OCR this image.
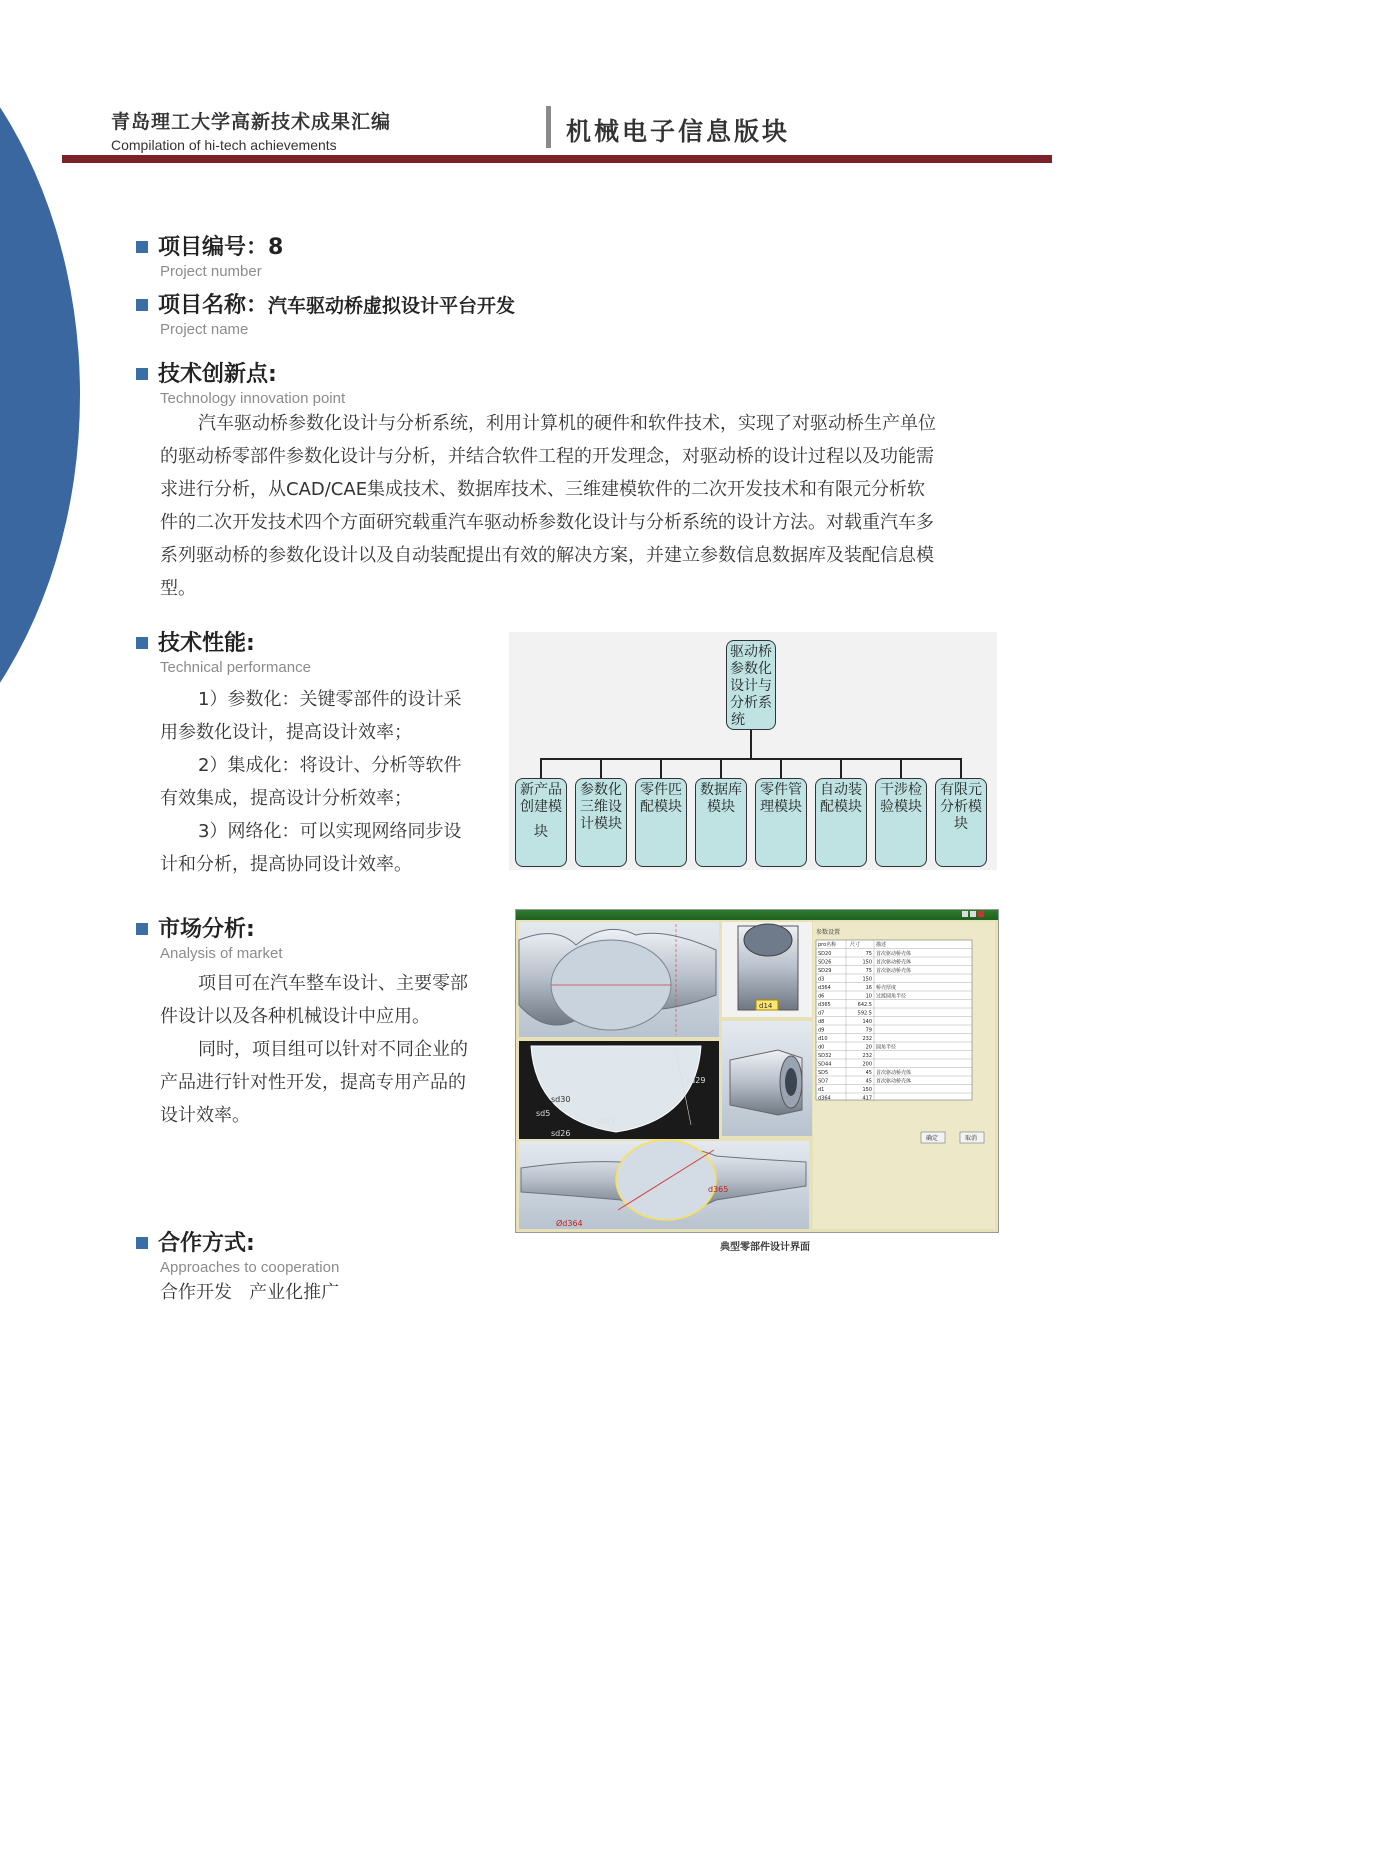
青岛理工大学高新技术成果汇编
Compilation of hi-tech achievements	机械电子信息版块
项目编号：8
Project number
项目名称：汽车驱动桥虚拟设计平台开发
Project name
技术创新点:
Technology innovation point
汽车驱动桥参数化设计与分析系统，利用计算机的硬件和软件技术，实现了对驱动桥生产单位
的驱动桥零部件参数化设计与分析，并结合软件工程的开发理念，对驱动桥的设计过程以及功能需
求进行分析，从CAD/CAE集成技术、数据库技术、三维建模软件的二次开发技术和有限元分析软
件的二次开发技术四个方面研究载重汽车驱动桥参数化设计与分析系统的设计方法。对载重汽车多
系列驱动桥的参数化设计以及自动装配提出有效的解决方案，并建立参数信息数据库及装配信息模
型。
技术性能:
Technical performance
1）参数化：关键零部件的设计采
用参数化设计，提高设计效率；
2）集成化：将设计、分析等软件
有效集成，提高设计分析效率；
3）网络化：可以实现网络同步设
计和分析，提高协同设计效率。
驱动桥
参数化
设计与
分析系
统
新产品
创建模
块
参数化
三维设
计模块
零件匹
配模块
数据库
模块
零件管
理模块
自动装
配模块
干涉检
验模块
有限元
分析模
块
市场分析:
Analysis of market
项目可在汽车整车设计、主要零部
件设计以及各种机械设计中应用。
同时，项目组可以针对不同企业的
产品进行针对性开发，提高专用产品的
设计效率。
d14
sd29
sd30
sd5
sd17
sd26
d365
Ød364
参数设置
pro名称	尺寸	描述
SD20	75 首次驱动桥壳体
SD26	150 首次驱动桥壳体
SD29	75 首次驱动桥壳体
d3	150
d364	16 桥壳厚度
d6	10 过渡圆角半径
d365	642.5
d7	592.5
d8	140
d9	79
d10	232
d0	20 圆角半径
SD32	232
SD44	200
SD5	45 首次驱动桥壳体
SD7	45 首次驱动桥壳体
d1	150
d364	417
确定	取消
典型零部件设计界面
合作方式:
Approaches to cooperation
合作开发   产业化推广
